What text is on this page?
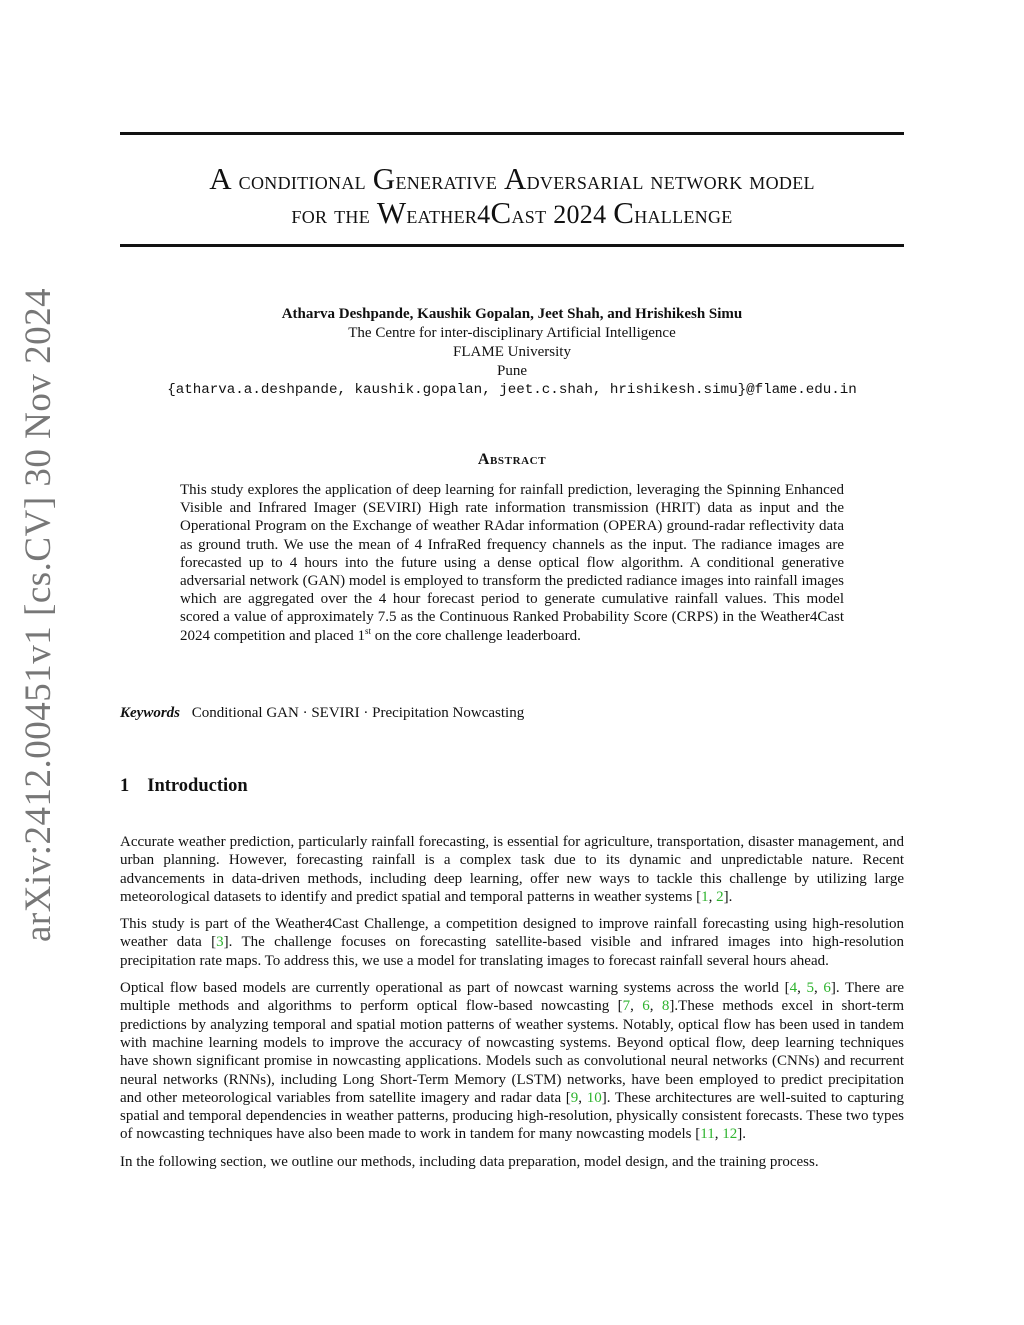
arXiv:2412.00451v1 [cs.CV] 30 Nov 2024
A conditional Generative Adversarial network model
for the Weather4Cast 2024 Challenge
Atharva Deshpande, Kaushik Gopalan, Jeet Shah, and Hrishikesh Simu
The Centre for inter-disciplinary Artificial Intelligence
FLAME University
Pune
{atharva.a.deshpande, kaushik.gopalan, jeet.c.shah, hrishikesh.simu}@flame.edu.in
Abstract
This study explores the application of deep learning for rainfall prediction, leveraging the Spinning Enhanced Visible and Infrared Imager (SEVIRI) High rate information transmission (HRIT) data as input and the Operational Program on the Exchange of weather RAdar information (OPERA) ground-radar reflectivity data as ground truth. We use the mean of 4 InfraRed frequency channels as the input. The radiance images are forecasted up to 4 hours into the future using a dense optical flow algorithm. A conditional generative adversarial network (GAN) model is employed to transform the predicted radiance images into rainfall images which are aggregated over the 4 hour forecast period to generate cumulative rainfall values. This model scored a value of approximately 7.5 as the Continuous Ranked Probability Score (CRPS) in the Weather4Cast 2024 competition and placed 1st on the core challenge leaderboard.
Keywords Conditional GAN · SEVIRI · Precipitation Nowcasting
1 Introduction

Accurate weather prediction, particularly rainfall forecasting, is essential for agriculture, transportation, disaster management, and urban planning. However, forecasting rainfall is a complex task due to its dynamic and unpredictable nature. Recent advancements in data-driven methods, including deep learning, offer new ways to tackle this challenge by utilizing large meteorological datasets to identify and predict spatial and temporal patterns in weather systems [1, 2].

This study is part of the Weather4Cast Challenge, a competition designed to improve rainfall forecasting using high-resolution weather data [3]. The challenge focuses on forecasting satellite-based visible and infrared images into high-resolution precipitation rate maps. To address this, we use a model for translating images to forecast rainfall several hours ahead.

Optical flow based models are currently operational as part of nowcast warning systems across the world [4, 5, 6]. There are multiple methods and algorithms to perform optical flow-based nowcasting [7, 6, 8].These methods excel in short-term predictions by analyzing temporal and spatial motion patterns of weather systems. Notably, optical flow has been used in tandem with machine learning models to improve the accuracy of nowcasting systems. Beyond optical flow, deep learning techniques have shown significant promise in nowcasting applications. Models such as convolutional neural networks (CNNs) and recurrent neural networks (RNNs), including Long Short-Term Memory (LSTM) networks, have been employed to predict precipitation and other meteorological variables from satellite imagery and radar data [9, 10]. These architectures are well-suited to capturing spatial and temporal dependencies in weather patterns, producing high-resolution, physically consistent forecasts. These two types of nowcasting techniques have also been made to work in tandem for many nowcasting models [11, 12].

In the following section, we outline our methods, including data preparation, model design, and the training process.
